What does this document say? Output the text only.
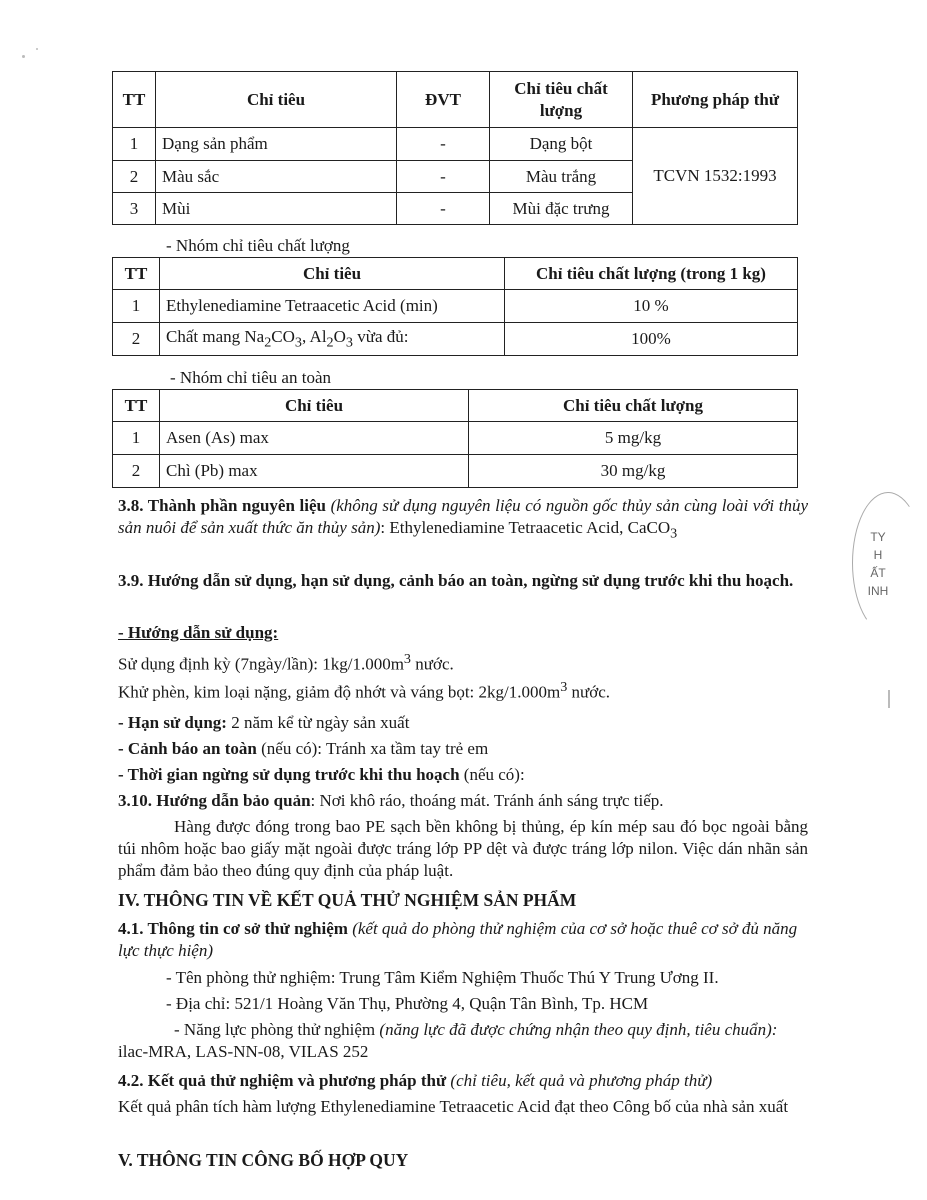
TT	Chỉ tiêu	ĐVT	Chỉ tiêu chất lượng	Phương pháp thử
1	Dạng sản phẩm	-	Dạng bột	TCVN 1532:1993
2	Màu sắc	-	Màu trắng	
3	Mùi	-	Mùi đặc trưng	
- Nhóm chỉ tiêu chất lượng
TT	Chỉ tiêu	Chỉ tiêu chất lượng (trong 1 kg)
1	Ethylenediamine Tetraacetic Acid (min)	10 %
2	Chất mang $Na_2CO_3$, $Al_2O_3$ vừa đủ:	100%
- Nhóm chỉ tiêu an toàn
TT	Chỉ tiêu	Chỉ tiêu chất lượng
1	Asen (As) max	5 mg/kg
2	Chì (Pb) max	30 mg/kg
3.8. Thành phần nguyên liệu (không sử dụng nguyên liệu có nguồn gốc thủy sản cùng loài với thủy sản nuôi để sản xuất thức ăn thủy sản): Ethylenediamine Tetraacetic Acid, CaCO$_3$
3.9. Hướng dẫn sử dụng, hạn sử dụng, cảnh báo an toàn, ngừng sử dụng trước khi thu hoạch.
- Hướng dẫn sử dụng:
Sử dụng định kỳ (7ngày/lần): $1kg/1.000m^3$ nước.
Khử phèn, kim loại nặng, giảm độ nhớt và váng bọt: $2kg/1.000m^3$ nước.
- Hạn sử dụng: 2 năm kể từ ngày sản xuất
- Cảnh báo an toàn (nếu có): Tránh xa tầm tay trẻ em
- Thời gian ngừng sử dụng trước khi thu hoạch (nếu có):
3.10. Hướng dẫn bảo quản: Nơi khô ráo, thoáng mát. Tránh ánh sáng trực tiếp.
Hàng được đóng trong bao PE sạch bền không bị thủng, ép kín mép sau đó bọc ngoài bằng túi nhôm hoặc bao giấy mặt ngoài được tráng lớp PP dệt và được tráng lớp nilon. Việc dán nhãn sản phẩm đảm bảo theo đúng quy định của pháp luật.
IV. THÔNG TIN VỀ KẾT QUẢ THỬ NGHIỆM SẢN PHẨM
4.1. Thông tin cơ sở thử nghiệm (kết quả do phòng thử nghiệm của cơ sở hoặc thuê cơ sở đủ năng lực thực hiện)
- Tên phòng thử nghiệm: Trung Tâm Kiểm Nghiệm Thuốc Thú Y Trung Ương II.
- Địa chỉ: 521/1 Hoàng Văn Thụ, Phường 4, Quận Tân Bình, Tp. HCM
- Năng lực phòng thử nghiệm (năng lực đã được chứng nhận theo quy định, tiêu chuẩn): ilac-MRA, LAS-NN-08, VILAS 252
4.2. Kết quả thử nghiệm và phương pháp thử (chỉ tiêu, kết quả và phương pháp thử)
Kết quả phân tích hàm lượng Ethylenediamine Tetraacetic Acid đạt theo Công bố của nhà sản xuất
V. THÔNG TIN CÔNG BỐ HỢP QUY
TY
H
ẤT
INH
